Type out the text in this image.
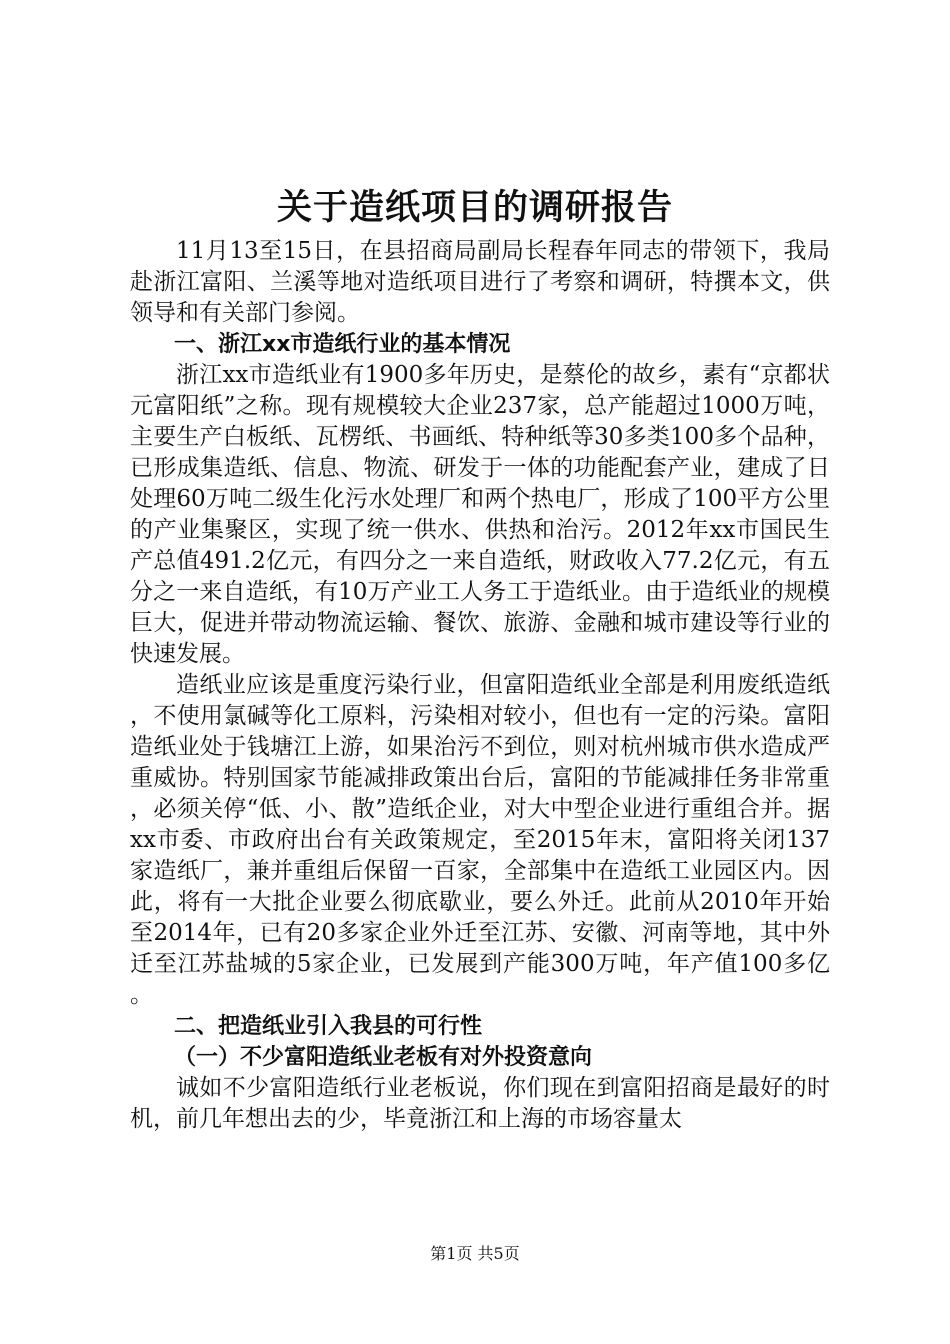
关于造纸项目的调研报告

11月13至15日，在县招商局副局长程春年同志的带领下，我局赴浙江富阳、兰溪等地对造纸项目进行了考察和调研，特撰本文，供领导和有关部门参阅。

一、浙江xx市造纸行业的基本情况

浙江xx市造纸业有1900多年历史，是蔡伦的故乡，素有“京都状元富阳纸”之称。现有规模较大企业237家，总产能超过1000万吨，主要生产白板纸、瓦楞纸、书画纸、特种纸等30多类100多个品种，已形成集造纸、信息、物流、研发于一体的功能配套产业，建成了日处理60万吨二级生化污水处理厂和两个热电厂，形成了100平方公里的产业集聚区，实现了统一供水、供热和治污。2012年xx市国民生产总值491.2亿元，有四分之一来自造纸，财政收入77.2亿元，有五分之一来自造纸，有10万产业工人务工于造纸业。由于造纸业的规模巨大，促进并带动物流运输、餐饮、旅游、金融和城市建设等行业的快速发展。

造纸业应该是重度污染行业，但富阳造纸业全部是利用废纸造纸，不使用氯碱等化工原料，污染相对较小，但也有一定的污染。富阳造纸业处于钱塘江上游，如果治污不到位，则对杭州城市供水造成严重威协。特别国家节能减排政策出台后，富阳的节能减排任务非常重，必须关停“低、小、散”造纸企业，对大中型企业进行重组合并。据xx市委、市政府出台有关政策规定，至2015年末，富阳将关闭137家造纸厂，兼并重组后保留一百家，全部集中在造纸工业园区内。因此，将有一大批企业要么彻底歇业，要么外迁。此前从2010年开始至2014年，已有20多家企业外迁至江苏、安徽、河南等地，其中外迁至江苏盐城的5家企业，已发展到产能300万吨，年产值100多亿。

二、把造纸业引入我县的可行性

（一）不少富阳造纸业老板有对外投资意向

诚如不少富阳造纸行业老板说，你们现在到富阳招商是最好的时机，前几年想出去的少，毕竟浙江和上海的市场容量太

第1页 共5页
